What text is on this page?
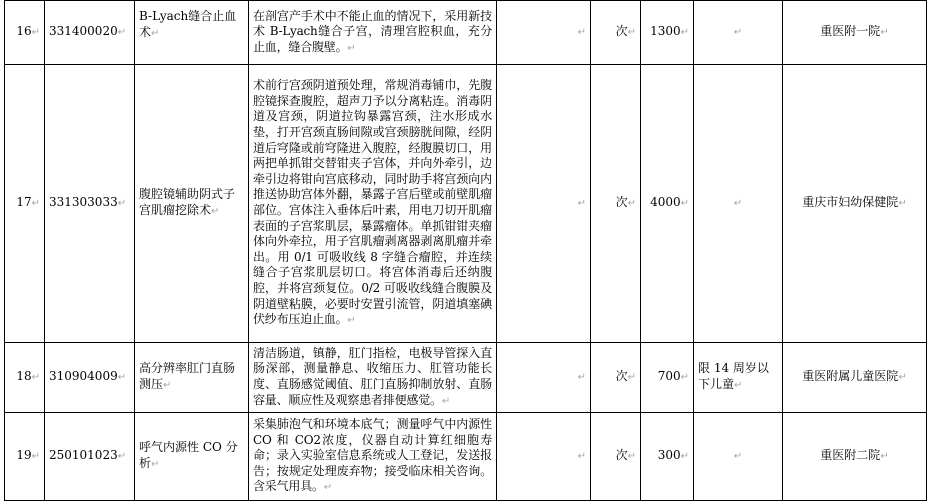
16↵	331400020↵	B-Lyach缝合止血术↵	在剖宫产手术中不能止血的情况下，采用新技术 B-Lyach缝合子宫，清理宫腔积血，充分止血，缝合腹壁。↵	↵	次↵	1300↵	↵	重医附一院↵
17↵	331303033↵	腹腔镜辅助阴式子宫肌瘤挖除术↵	术前行宫颈阴道预处理，常规消毒铺巾，先腹腔镜探查腹腔，超声刀予以分离粘连。消毒阴道及宫颈，阴道拉钩暴露宫颈，注水形成水垫，打开宫颈直肠间隙或宫颈膀胱间隙，经阴道后穹隆或前穹隆进入腹腔，经腹膜切口，用两把单抓钳交替钳夹子宫体，并向外牵引，边牵引边将钳向宫底移动，同时助手将宫颈向内推送协助宫体外翻，暴露子宫后壁或前壁肌瘤部位。宫体注入垂体后叶素，用电刀切开肌瘤表面的子宫浆肌层，暴露瘤体。单抓钳钳夹瘤体向外牵拉，用子宫肌瘤剥离器剥离肌瘤并牵出。用 0/1 可吸收线 8 字缝合瘤腔，并连续缝合子宫浆肌层切口。将宫体消毒后还纳腹腔，并将宫颈复位。0/2 可吸收线缝合腹膜及阴道壁粘膜，必要时安置引流管，阴道填塞碘伏纱布压迫止血。↵	↵	次↵	4000↵	↵	重庆市妇幼保健院↵
18↵	310904009↵	高分辨率肛门直肠测压↵	清洁肠道，镇静，肛门指检，电极导管探入直肠深部，测量静息、收缩压力、肛管功能长度、直肠感觉阈值、肛门直肠抑制放射、直肠容量、顺应性及观察患者排便感觉。↵	↵	次↵	700↵	限 14 周岁以下儿童↵	重医附属儿童医院↵
19↵	250101023↵	呼气内源性 CO 分析↵	采集肺泡气和环境本底气；测量呼气中内源性 CO 和 CO2浓度，仪器自动计算红细胞寿命；录入实验室信息系统或人工登记，发送报告；按规定处理废弃物；接受临床相关咨询。含采气用具。↵	↵	次↵	300↵	↵	重医附二院↵
